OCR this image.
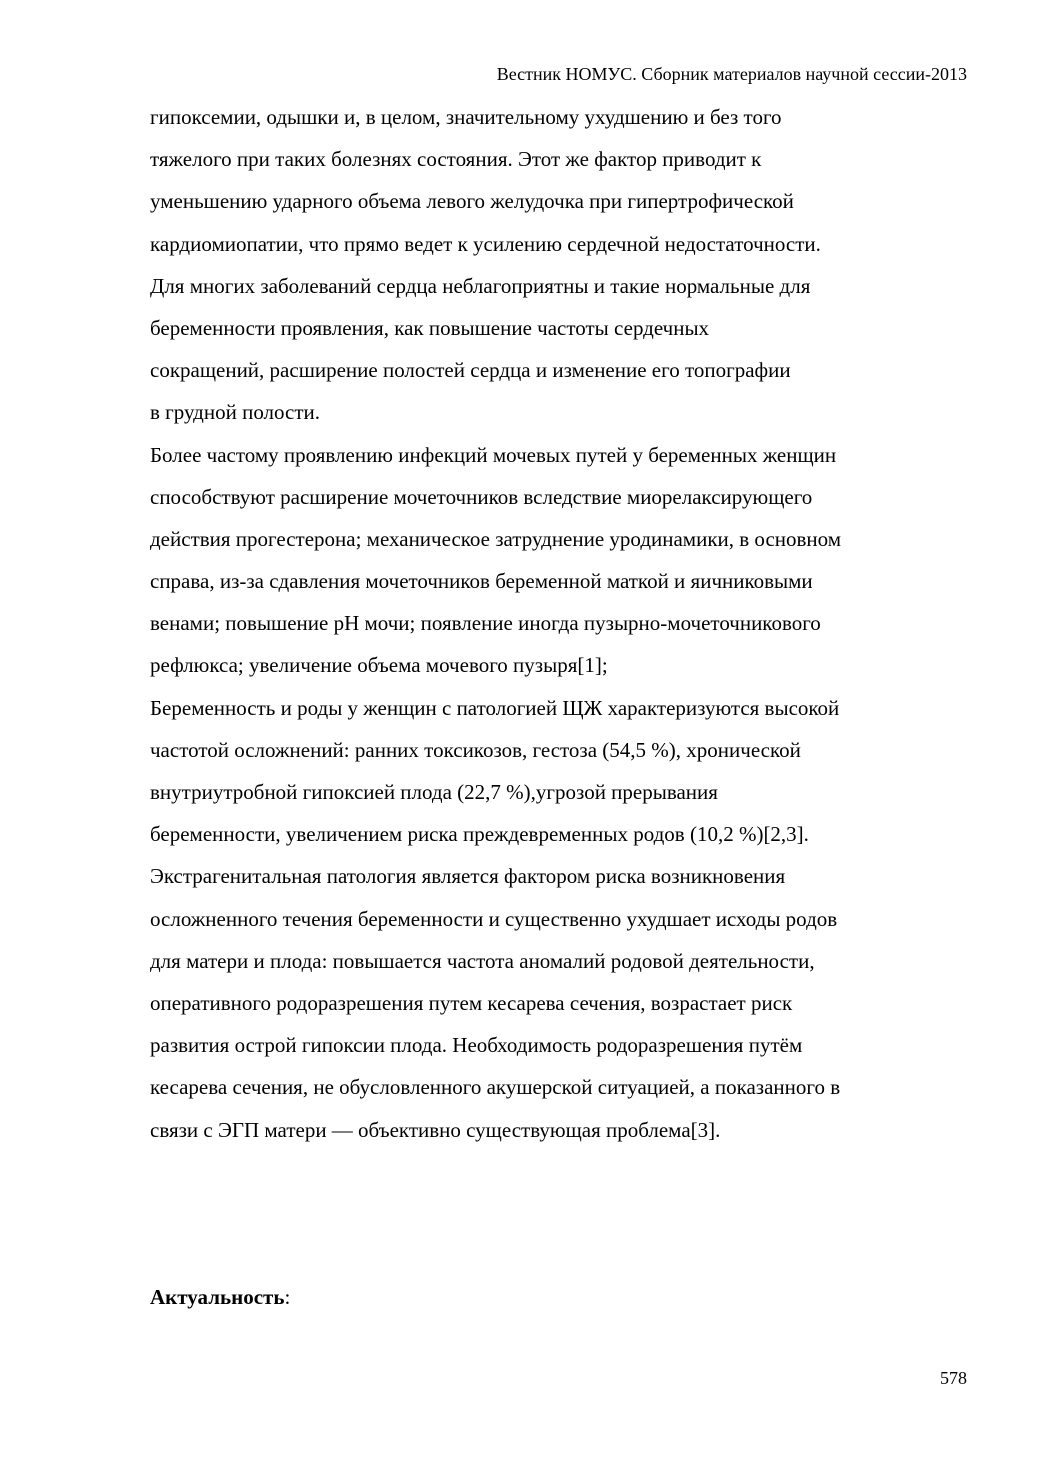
Вестник НОМУС. Сборник материалов научной сессии-2013
гипоксемии, одышки и, в целом, значительному ухудшению и без того
тяжелого при таких болезнях состояния. Этот же фактор приводит к
уменьшению ударного объема левого желудочка при гипертрофической
кардиомиопатии, что прямо ведет к усилению сердечной недостаточности.
Для многих заболеваний сердца неблагоприятны и такие нормальные для
беременности проявления, как повышение частоты сердечных
сокращений, расширение полостей сердца и изменение его топографии
в грудной полости.
Более частому проявлению инфекций мочевых путей у беременных женщин
способствуют расширение мочеточников вследствие миорелаксирующего
действия прогестерона; механическое затруднение уродинамики, в основном
справа, из-за сдавления мочеточников беременной маткой и яичниковыми
венами; повышение pH мочи; появление иногда пузырно-мочеточникового
рефлюкса; увеличение объема мочевого пузыря[1];
Беременность и роды у женщин с патологией ЩЖ характеризуются высокой
частотой осложнений: ранних токсикозов, гестоза (54,5 %), хронической
внутриутробной гипоксией плода (22,7 %),угрозой прерывания
беременности, увеличением риска преждевременных родов (10,2 %)[2,3].
Экстрагенитальная патология является фактором риска возникновения
осложненного течения беременности и существенно ухудшает исходы родов
для матери и плода: повышается частота аномалий родовой деятельности,
оперативного родоразрешения путем кесарева сечения, возрастает риск
развития острой гипоксии плода. Необходимость родоразрешения путём
кесарева сечения, не обусловленного акушерской ситуацией, а показанного в
связи с ЭГП матери — объективно существующая проблема[3].
Актуальность:
578
